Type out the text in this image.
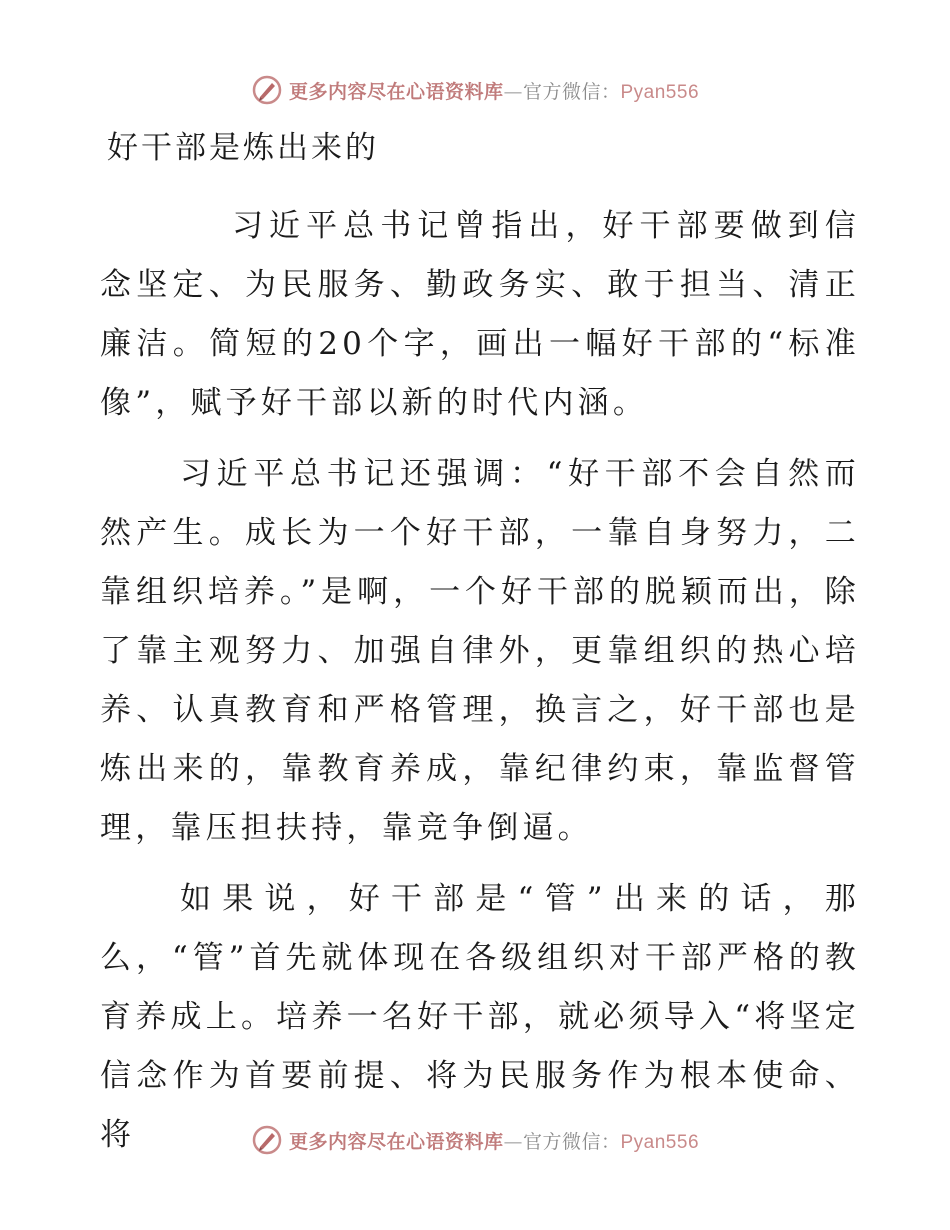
更多内容尽在心语资料库—官方微信：Pyan556
好干部是炼出来的

习近平总书记曾指出，好干部要做到信念坚定、为民服务、勤政务实、敢于担当、清正廉洁。简短的20个字，画出一幅好干部的“标准像”，赋予好干部以新的时代内涵。

习近平总书记还强调：“好干部不会自然而然产生。成长为一个好干部，一靠自身努力，二靠组织培养。”是啊，一个好干部的脱颖而出，除了靠主观努力、加强自律外，更靠组织的热心培养、认真教育和严格管理，换言之，好干部也是炼出来的，靠教育养成，靠纪律约束，靠监督管理，靠压担扶持，靠竞争倒逼。

如果说，好干部是“管”出来的话，那么，“管”首先就体现在各级组织对干部严格的教育养成上。培养一名好干部，就必须导入“将坚定信念作为首要前提、将为民服务作为根本使命、将	更多内容尽在心语资料库—官方微信：Pyan556
